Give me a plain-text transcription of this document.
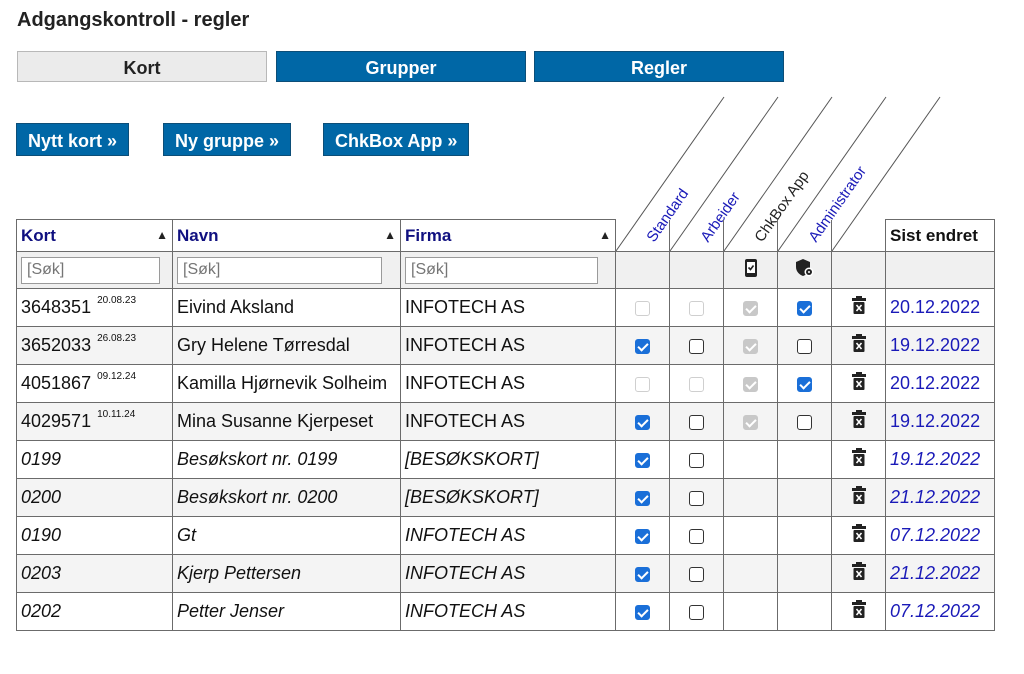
Adgangskontroll - regler
Kort	Grupper	Regler
Nytt kort »	Ny gruppe »	ChkBox App »
Standard Arbeider ChkBox App
Administrator
Kort ▲	Navn ▲	Firma ▲						Sist endret
[Søk]	[Søk]	[Søk]						
3648351 $^{20.08.23}$	Eivind Aksland	INFOTECH AS						20.12.2022
3652033 $^{26.08.23}$	Gry Helene Tørresdal	INFOTECH AS						19.12.2022
4051867 $^{09.12.24}$	Kamilla Hjørnevik Solheim	INFOTECH AS						20.12.2022
4029571 $^{10.11.24}$	Mina Susanne Kjerpeset	INFOTECH AS						19.12.2022
0199	Besøkskort nr. 0199	[BESØKSKORT]						19.12.2022
0200	Besøkskort nr. 0200	[BESØKSKORT]						21.12.2022
0190	Gt	INFOTECH AS						07.12.2022
0203	Kjerp Pettersen	INFOTECH AS						21.12.2022
0202	Petter Jenser	INFOTECH AS						07.12.2022
